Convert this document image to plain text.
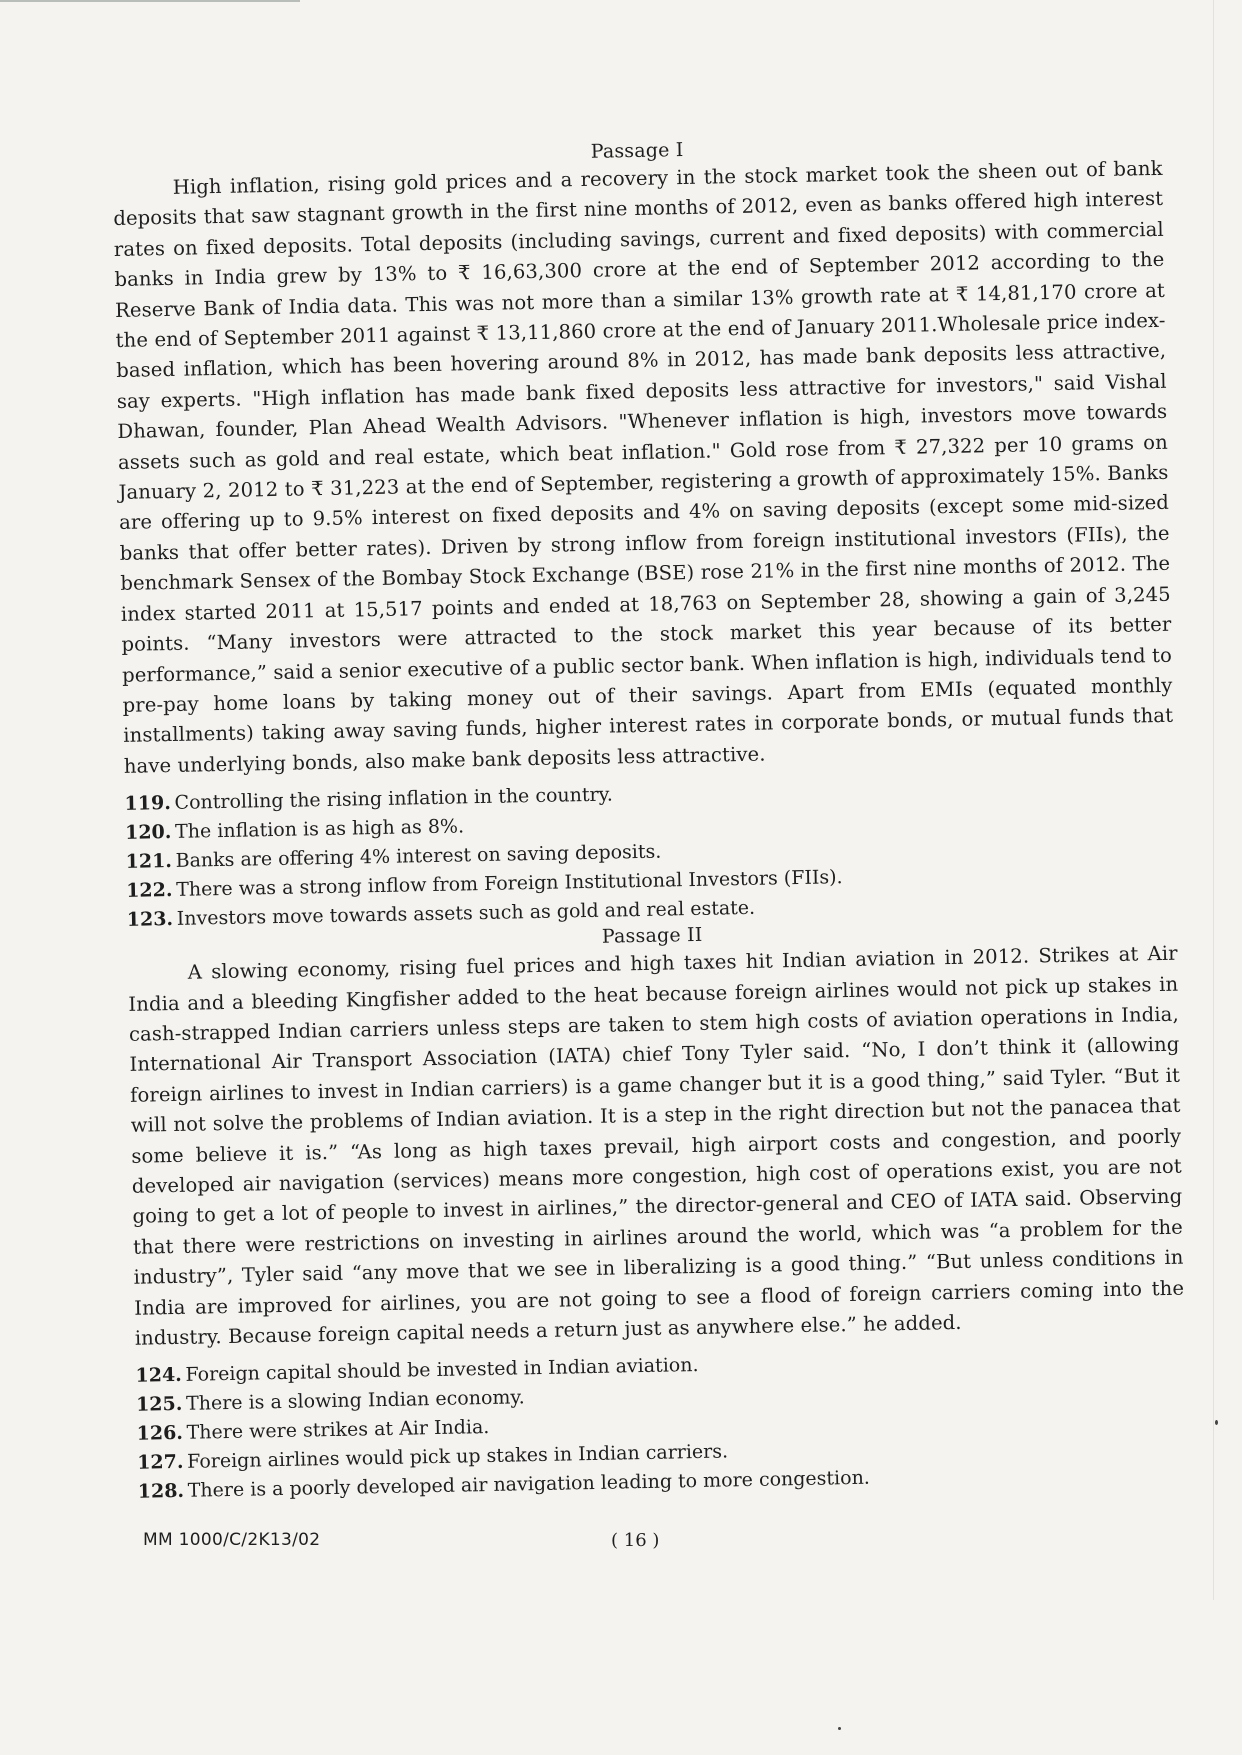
Passage I

High inflation, rising gold prices and a recovery in the stock market took the sheen out of bank deposits that saw stagnant growth in the first nine months of 2012, even as banks offered high interest rates on fixed deposits. Total deposits (including savings, current and fixed deposits) with commercial banks in India grew by 13% to ₹ 16,63,300 crore at the end of September 2012 according to the Reserve Bank of India data. This was not more than a similar 13% growth rate at ₹ 14,81,170 crore at the end of September 2011 against ₹ 13,11,860 crore at the end of January 2011.Wholesale price index-based inflation, which has been hovering around 8% in 2012, has made bank deposits less attractive, say experts. "High inflation has made bank fixed deposits less attractive for investors," said Vishal Dhawan, founder, Plan Ahead Wealth Advisors. "Whenever inflation is high, investors move towards assets such as gold and real estate, which beat inflation." Gold rose from ₹ 27,322 per 10 grams on January 2, 2012 to ₹ 31,223 at the end of September, registering a growth of approximately 15%. Banks are offering up to 9.5% interest on fixed deposits and 4% on saving deposits (except some mid-sized banks that offer better rates). Driven by strong inflow from foreign institutional investors (FIIs), the benchmark Sensex of the Bombay Stock Exchange (BSE) rose 21% in the first nine months of 2012. The index started 2011 at 15,517 points and ended at 18,763 on September 28, showing a gain of 3,245 points. “Many investors were attracted to the stock market this year because of its better performance,” said a senior executive of a public sector bank. When inflation is high, individuals tend to pre-pay home loans by taking money out of their savings. Apart from EMIs (equated monthly installments) taking away saving funds, higher interest rates in corporate bonds, or mutual funds that have underlying bonds, also make bank deposits less attractive.

119. Controlling the rising inflation in the country.
120. The inflation is as high as 8%.
121. Banks are offering 4% interest on saving deposits.
122. There was a strong inflow from Foreign Institutional Investors (FIIs).
123. Investors move towards assets such as gold and real estate.
Passage II

A slowing economy, rising fuel prices and high taxes hit Indian aviation in 2012. Strikes at Air India and a bleeding Kingfisher added to the heat because foreign airlines would not pick up stakes in cash-strapped Indian carriers unless steps are taken to stem high costs of aviation operations in India, International Air Transport Association (IATA) chief Tony Tyler said. “No, I don’t think it (allowing foreign airlines to invest in Indian carriers) is a game changer but it is a good thing,” said Tyler. “But it will not solve the problems of Indian aviation. It is a step in the right direction but not the panacea that some believe it is.” “As long as high taxes prevail, high airport costs and congestion, and poorly developed air navigation (services) means more congestion, high cost of operations exist, you are not going to get a lot of people to invest in airlines,” the director-general and CEO of IATA said. Observing that there were restrictions on investing in airlines around the world, which was “a problem for the industry”, Tyler said “any move that we see in liberalizing is a good thing.” “But unless conditions in India are improved for airlines, you are not going to see a flood of foreign carriers coming into the industry. Because foreign capital needs a return just as anywhere else.” he added.

124. Foreign capital should be invested in Indian aviation.
125. There is a slowing Indian economy.
126. There were strikes at Air India.
127. Foreign airlines would pick up stakes in Indian carriers.
128. There is a poorly developed air navigation leading to more congestion.
MM 1000/C/2K13/02	( 16 )
